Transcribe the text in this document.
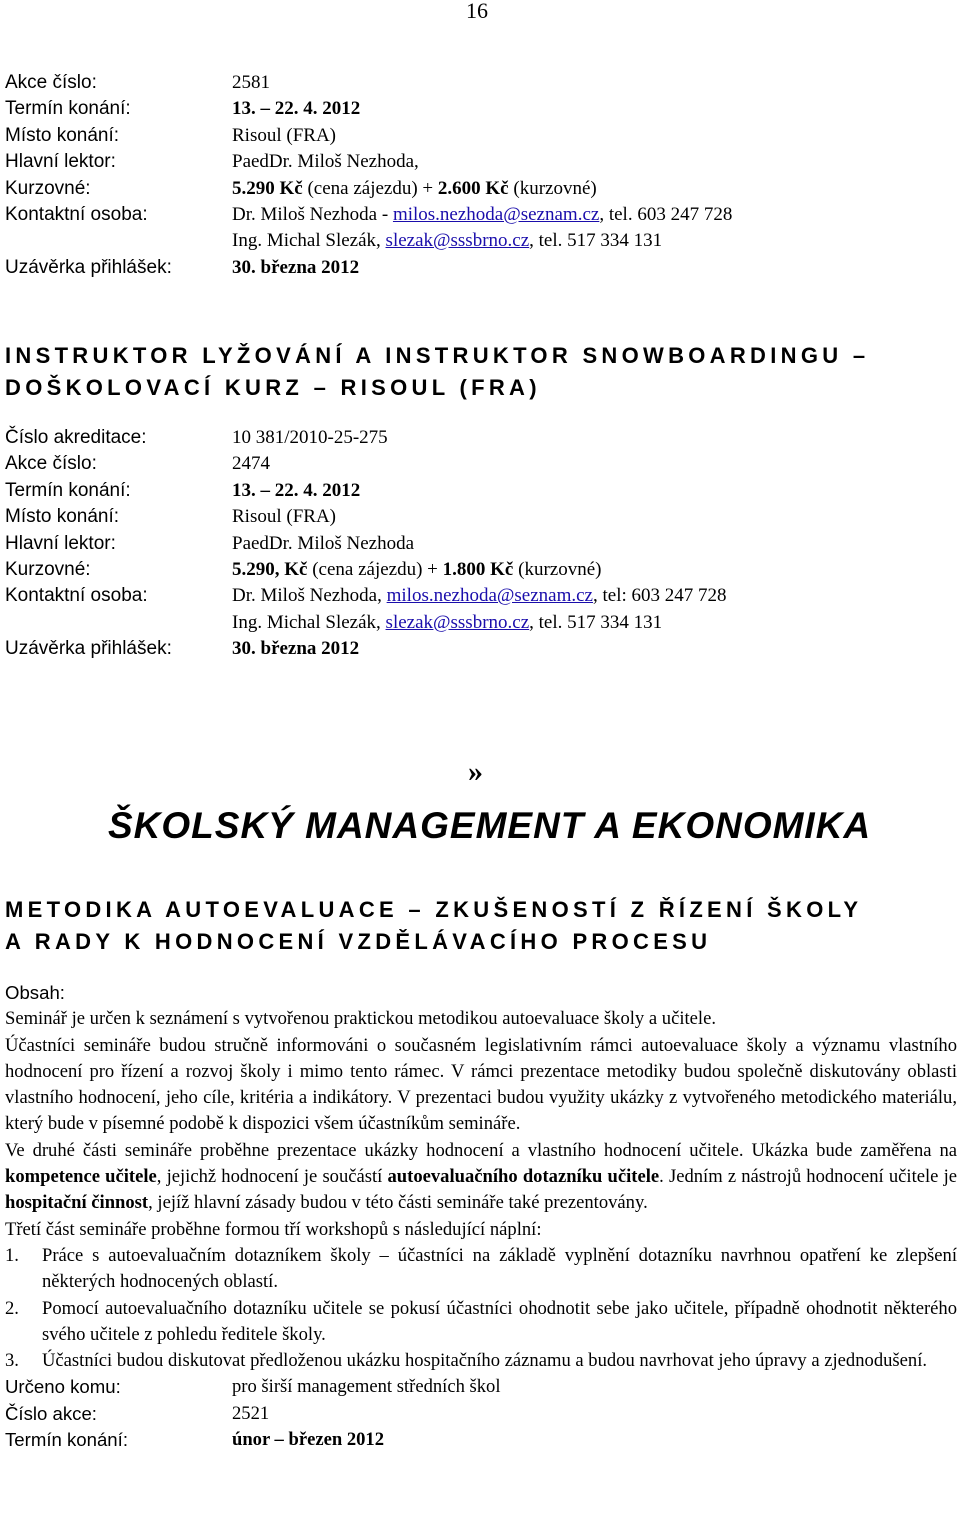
16
Akce číslo:	2581
Termín konání:	13. – 22. 4. 2012
Místo konání:	Risoul (FRA)
Hlavní lektor:	PaedDr. Miloš Nezhoda,
Kurzovné:	5.290 Kč (cena zájezdu) + 2.600 Kč (kurzovné)
Kontaktní osoba:	Dr. Miloš Nezhoda - milos.nezhoda@seznam.cz, tel. 603 247 728
Ing. Michal Slezák, slezak@sssbrno.cz, tel. 517 334 131
Uzávěrka přihlášek:	30. března 2012
INSTRUKTOR LYŽOVÁNÍ A INSTRUKTOR SNOWBOARDINGU –
DOŠKOLOVACÍ KURZ – RISOUL (FRA)
Číslo akreditace:	10 381/2010-25-275
Akce číslo:	2474
Termín konání:	13. – 22. 4. 2012
Místo konání:	Risoul (FRA)
Hlavní lektor:	PaedDr. Miloš Nezhoda
Kurzovné:	5.290, Kč (cena zájezdu) + 1.800 Kč (kurzovné)
Kontaktní osoba:	Dr. Miloš Nezhoda, milos.nezhoda@seznam.cz, tel: 603 247 728
Ing. Michal Slezák, slezak@sssbrno.cz, tel. 517 334 131
Uzávěrka přihlášek:	30. března 2012
»
ŠKOLSKÝ MANAGEMENT A EKONOMIKA
METODIKA AUTOEVALUACE – ZKUŠENOSTÍ Z ŘÍZENÍ ŠKOLY
A RADY K HODNOCENÍ VZDĚLÁVACÍHO PROCESU

Obsah:

Seminář je určen k seznámení s vytvořenou praktickou metodikou autoevaluace školy a učitele.

Účastníci semináře budou stručně informováni o současném legislativním rámci autoevaluace školy a významu vlastního hodnocení pro řízení a rozvoj školy i mimo tento rámec. V rámci prezentace metodiky budou společně diskutovány oblasti vlastního hodnocení, jeho cíle, kritéria a indikátory. V prezentaci budou využity ukázky z vytvořeného metodického materiálu, který bude v písemné podobě k dispozici všem účastníkům semináře.

Ve druhé části semináře proběhne prezentace ukázky hodnocení a vlastního hodnocení učitele. Ukázka bude zaměřena na kompetence učitele, jejichž hodnocení je součástí autoevaluačního dotazníku učitele. Jedním z nástrojů hodnocení učitele je hospitační činnost, jejíž hlavní zásady budou v této části semináře také prezentovány.

Třetí část semináře proběhne formou tří workshopů s následující náplní:

1. Práce s autoevaluačním dotazníkem školy – účastníci na základě vyplnění dotazníku navrhnou opatření ke zlepšení některých hodnocených oblastí.
2. Pomocí autoevaluačního dotazníku učitele se pokusí účastníci ohodnotit sebe jako učitele, případně ohodnotit některého svého učitele z pohledu ředitele školy.
3. Účastníci budou diskutovat předloženou ukázku hospitačního záznamu a budou navrhovat jeho úpravy a zjednodušení.
Určeno komu:	pro širší management středních škol
Číslo akce:	2521
Termín konání:	únor – březen 2012
